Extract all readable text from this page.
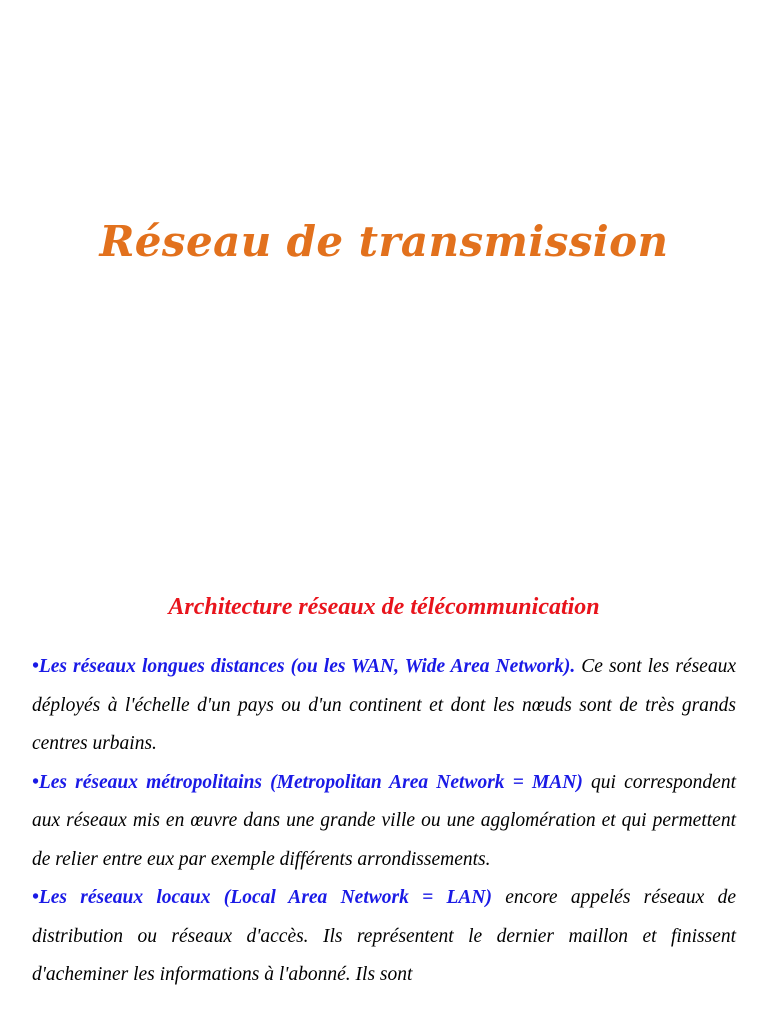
Réseau de transmission
Architecture réseaux de télécommunication

•Les réseaux longues distances (ou les WAN, Wide Area Network). Ce sont les réseaux déployés à l'échelle d'un pays ou d'un continent et dont les nœuds sont de très grands centres urbains.

•Les réseaux métropolitains (Metropolitan Area Network = MAN) qui correspondent aux réseaux mis en œuvre dans une grande ville ou une agglomération et qui permettent de relier entre eux par exemple différents arrondissements.

•Les réseaux locaux (Local Area Network = LAN) encore appelés réseaux de distribution ou réseaux d'accès. Ils représentent le dernier maillon et finissent d'acheminer les informations à l'abonné. Ils sont
